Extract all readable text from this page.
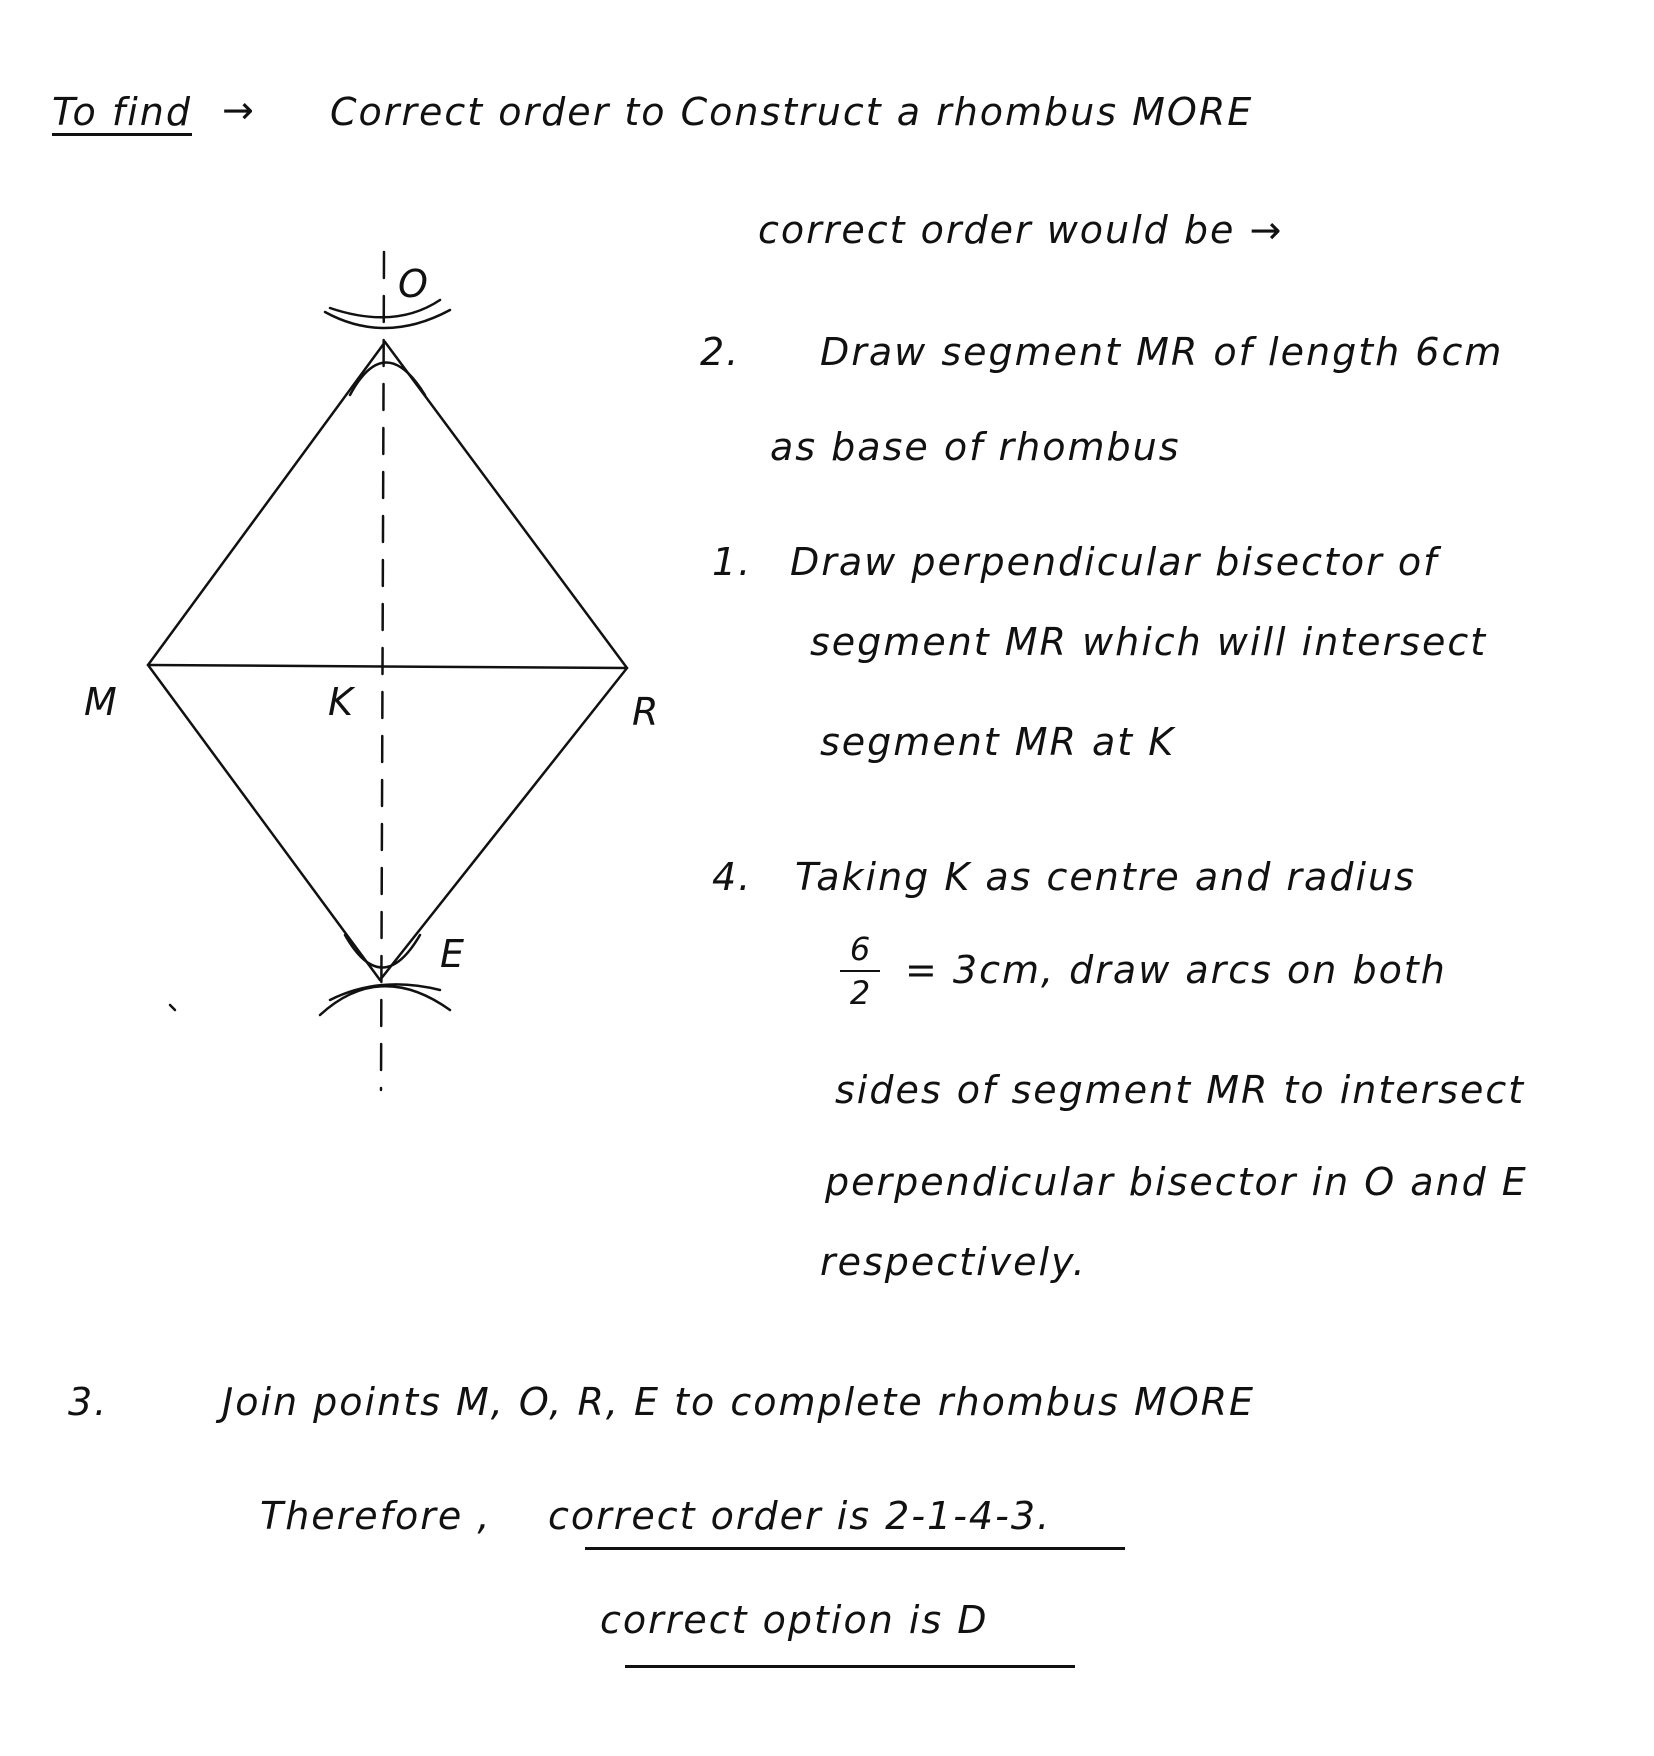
To find → Correct order to Construct a rhombus MORE
correct order would be →
O
M	K	R
E
2. Draw segment MR of length 6cm
as base of rhombus
1. Draw perpendicular bisector of
segment MR which will intersect
segment MR at K
4. Taking K as centre and radius
6
2
= 3cm, draw arcs on both
sides of segment MR to intersect
perpendicular bisector in O and E
respectively.
3.	Join points M, O, R, E to complete rhombus MORE
Therefore , correct order is 2-1-4-3.
correct option is D
